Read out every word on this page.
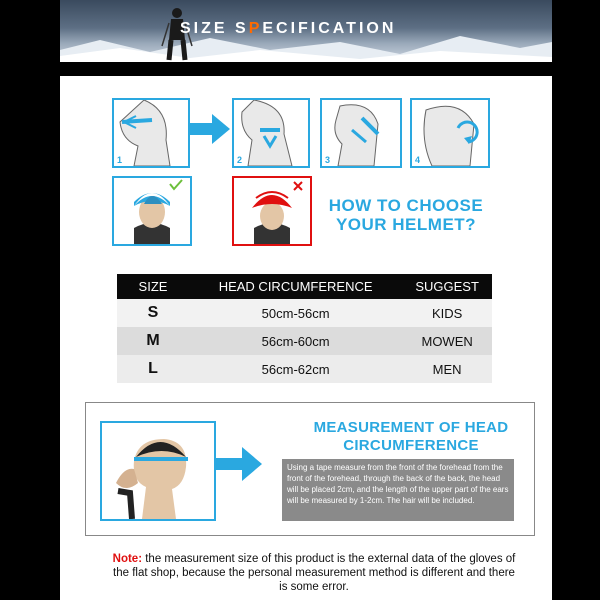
SIZE SPECIFICATION
1	2	3	4
HOW TO CHOOSE
YOUR HELMET?
SIZE	HEAD CIRCUMFERENCE	SUGGEST
S	50cm-56cm	KIDS
M	56cm-60cm	MOWEN
L	56cm-62cm	MEN
MEASUREMENT OF HEAD
CIRCUMFERENCE
Using a tape measure from the front of the forehead from the front of the forehead, through the back of the back, the head will be placed 2cm, and the length of the upper part of the ears will be measured by 1-2cm. The hair will be included.
Note: the measurement size of this product is the external data of the gloves of the flat shop, because the personal measurement method is different and there is some error.
